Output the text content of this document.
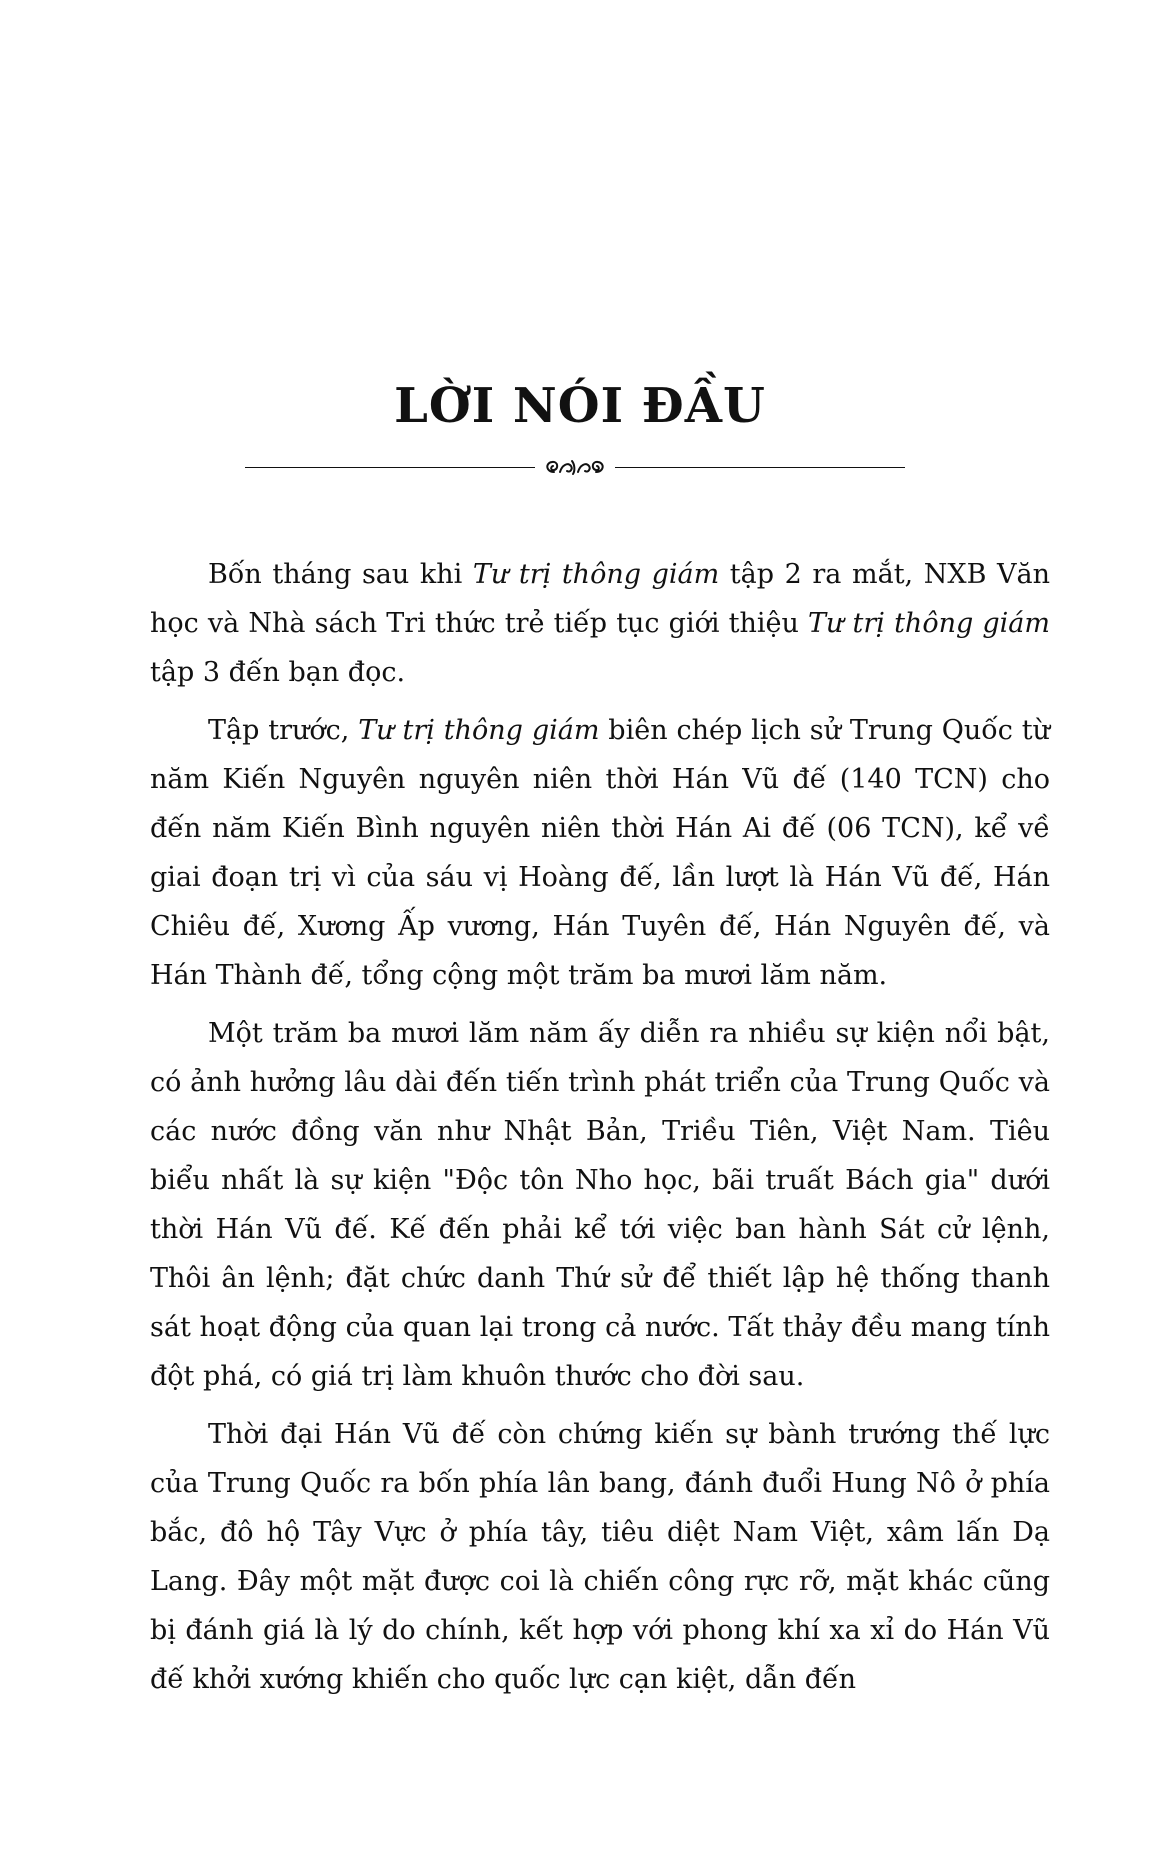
LỜI NÓI ĐẦU

Bốn tháng sau khi Tư trị thông giám tập 2 ra mắt, NXB Văn học và Nhà sách Tri thức trẻ tiếp tục giới thiệu Tư trị thông giám tập 3 đến bạn đọc.

Tập trước, Tư trị thông giám biên chép lịch sử Trung Quốc từ năm Kiến Nguyên nguyên niên thời Hán Vũ đế (140 TCN) cho đến năm Kiến Bình nguyên niên thời Hán Ai đế (06 TCN), kể về giai đoạn trị vì của sáu vị Hoàng đế, lần lượt là Hán Vũ đế, Hán Chiêu đế, Xương Ấp vương, Hán Tuyên đế, Hán Nguyên đế, và Hán Thành đế, tổng cộng một trăm ba mươi lăm năm.

Một trăm ba mươi lăm năm ấy diễn ra nhiều sự kiện nổi bật, có ảnh hưởng lâu dài đến tiến trình phát triển của Trung Quốc và các nước đồng văn như Nhật Bản, Triều Tiên, Việt Nam. Tiêu biểu nhất là sự kiện "Độc tôn Nho học, bãi truất Bách gia" dưới thời Hán Vũ đế. Kế đến phải kể tới việc ban hành Sát cử lệnh, Thôi ân lệnh; đặt chức danh Thứ sử để thiết lập hệ thống thanh sát hoạt động của quan lại trong cả nước. Tất thảy đều mang tính đột phá, có giá trị làm khuôn thước cho đời sau.

Thời đại Hán Vũ đế còn chứng kiến sự bành trướng thế lực của Trung Quốc ra bốn phía lân bang, đánh đuổi Hung Nô ở phía bắc, đô hộ Tây Vực ở phía tây, tiêu diệt Nam Việt, xâm lấn Dạ Lang. Đây một mặt được coi là chiến công rực rỡ, mặt khác cũng bị đánh giá là lý do chính, kết hợp với phong khí xa xỉ do Hán Vũ đế khởi xướng khiến cho quốc lực cạn kiệt, dẫn đến
